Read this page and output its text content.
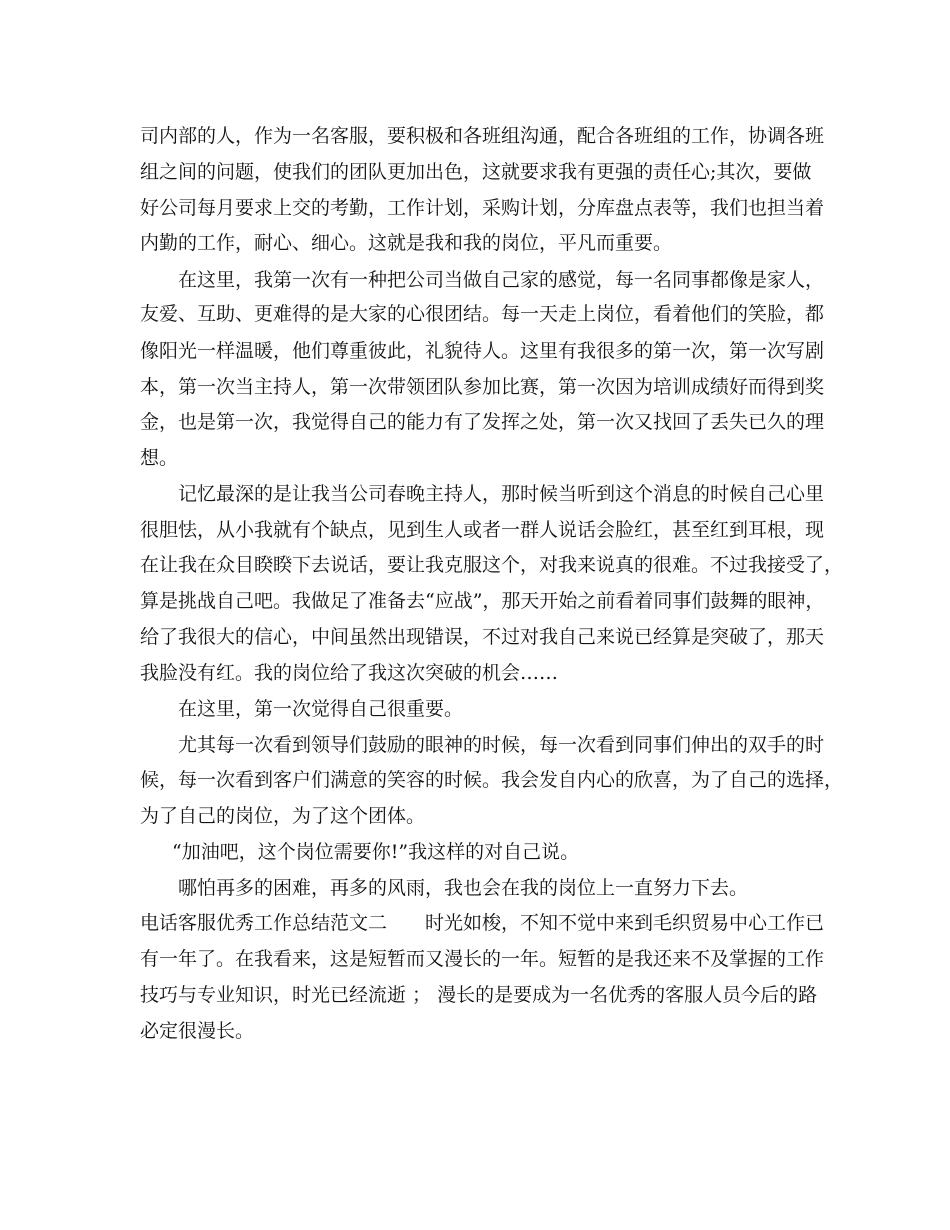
司内部的人，作为一名客服，要积极和各班组沟通，配合各班组的工作，协调各班
组之间的问题，使我们的团队更加出色，这就要求我有更强的责任心;其次，要做
好公司每月要求上交的考勤，工作计划，采购计划，分库盘点表等，我们也担当着
内勤的工作，耐心、细心。这就是我和我的岗位，平凡而重要。
在这里，我第一次有一种把公司当做自己家的感觉，每一名同事都像是家人，
友爱、互助、更难得的是大家的心很团结。每一天走上岗位，看着他们的笑脸，都
像阳光一样温暖，他们尊重彼此，礼貌待人。这里有我很多的第一次，第一次写剧
本，第一次当主持人，第一次带领团队参加比赛，第一次因为培训成绩好而得到奖
金，也是第一次，我觉得自己的能力有了发挥之处，第一次又找回了丢失已久的理
想。
记忆最深的是让我当公司春晚主持人，那时候当听到这个消息的时候自己心里
很胆怯，从小我就有个缺点，见到生人或者一群人说话会脸红，甚至红到耳根，现
在让我在众目睽睽下去说话，要让我克服这个，对我来说真的很难。不过我接受了，
算是挑战自己吧。我做足了准备去“应战”，那天开始之前看着同事们鼓舞的眼神，
给了我很大的信心，中间虽然出现错误，不过对我自己来说已经算是突破了，那天
我脸没有红。我的岗位给了我这次突破的机会……
在这里，第一次觉得自己很重要。
尤其每一次看到领导们鼓励的眼神的时候，每一次看到同事们伸出的双手的时
候，每一次看到客户们满意的笑容的时候。我会发自内心的欣喜，为了自己的选择，
为了自己的岗位，为了这个团体。
“加油吧，这个岗位需要你!”我这样的对自己说。
哪怕再多的困难，再多的风雨，我也会在我的岗位上一直努力下去。
电话客服优秀工作总结范文二　　时光如梭，不知不觉中来到毛织贸易中心工作已
有一年了。在我看来，这是短暂而又漫长的一年。短暂的是我还来不及掌握的工作
技巧与专业知识，时光已经流逝 ； 漫长的是要成为一名优秀的客服人员今后的路
必定很漫长。
